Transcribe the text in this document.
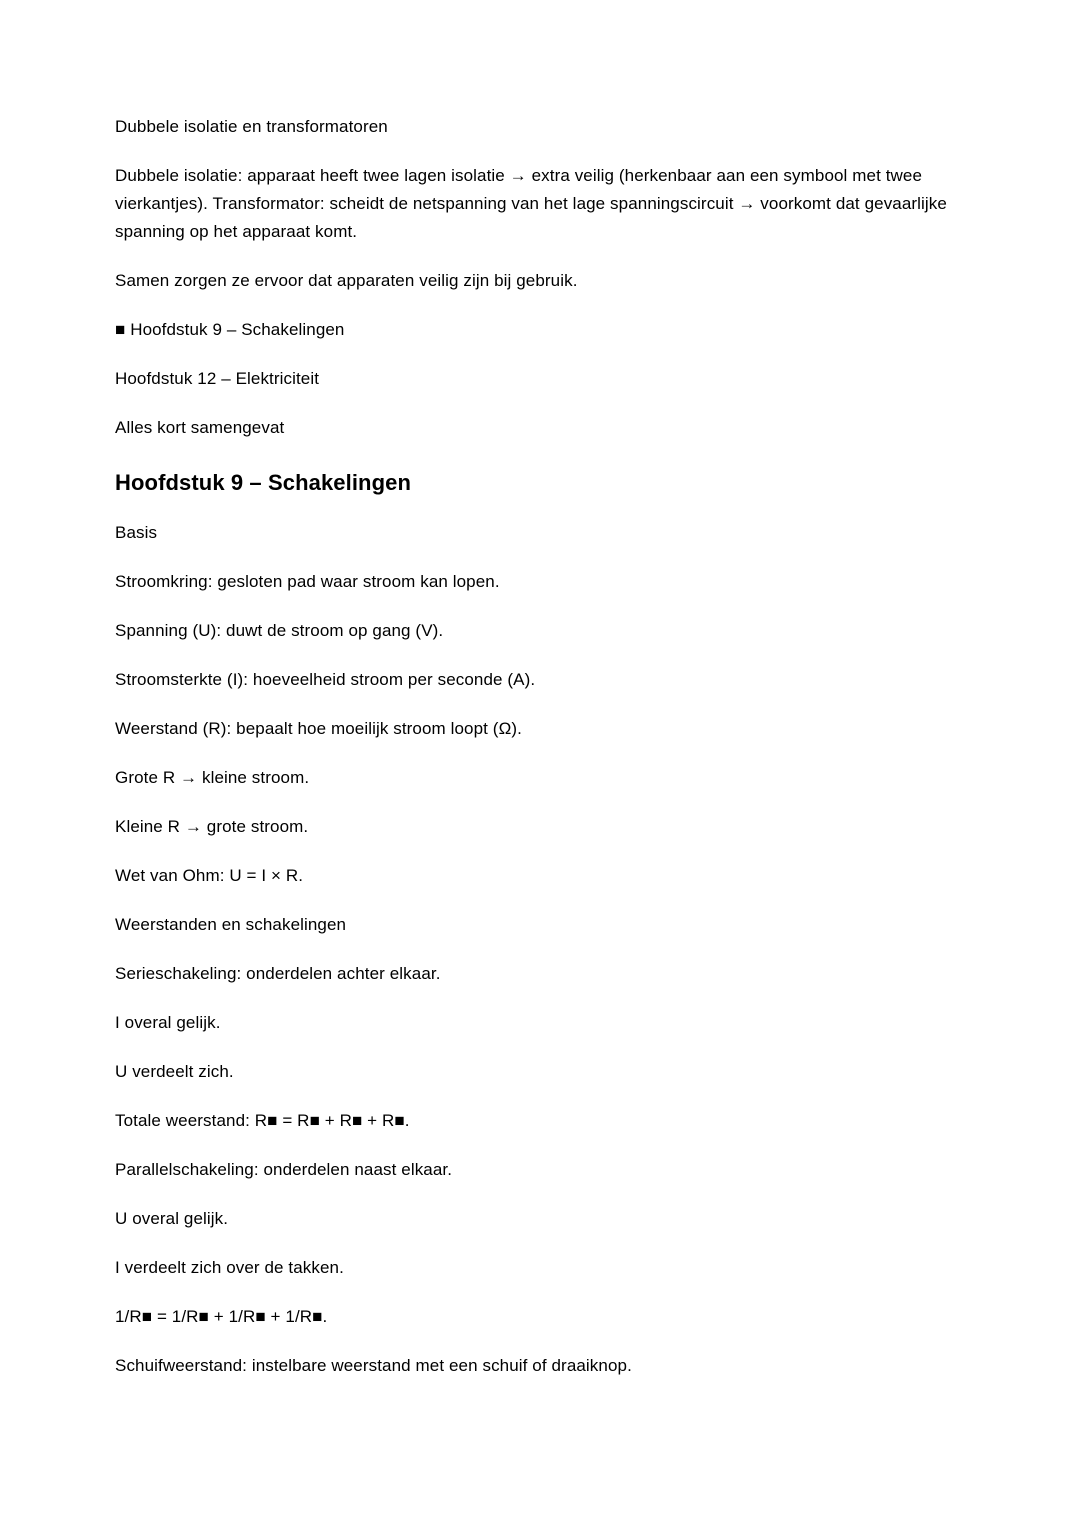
Dubbele isolatie en transformatoren

Dubbele isolatie: apparaat heeft twee lagen isolatie → extra veilig (herkenbaar aan een symbool met twee vierkantjes). Transformator: scheidt de netspanning van het lage spanningscircuit → voorkomt dat gevaarlijke spanning op het apparaat komt.

Samen zorgen ze ervoor dat apparaten veilig zijn bij gebruik.

■ Hoofdstuk 9 – Schakelingen

Hoofdstuk 12 – Elektriciteit

Alles kort samengevat

Hoofdstuk 9 – Schakelingen

Basis

Stroomkring: gesloten pad waar stroom kan lopen.

Spanning (U): duwt de stroom op gang (V).

Stroomsterkte (I): hoeveelheid stroom per seconde (A).

Weerstand (R): bepaalt hoe moeilijk stroom loopt (Ω).

Grote R → kleine stroom.

Kleine R → grote stroom.

Wet van Ohm: U = I × R.

Weerstanden en schakelingen

Serieschakeling: onderdelen achter elkaar.

I overal gelijk.

U verdeelt zich.

Totale weerstand: R■ = R■ + R■ + R■.

Parallelschakeling: onderdelen naast elkaar.

U overal gelijk.

I verdeelt zich over de takken.

1/R■ = 1/R■ + 1/R■ + 1/R■.

Schuifweerstand: instelbare weerstand met een schuif of draaiknop.
